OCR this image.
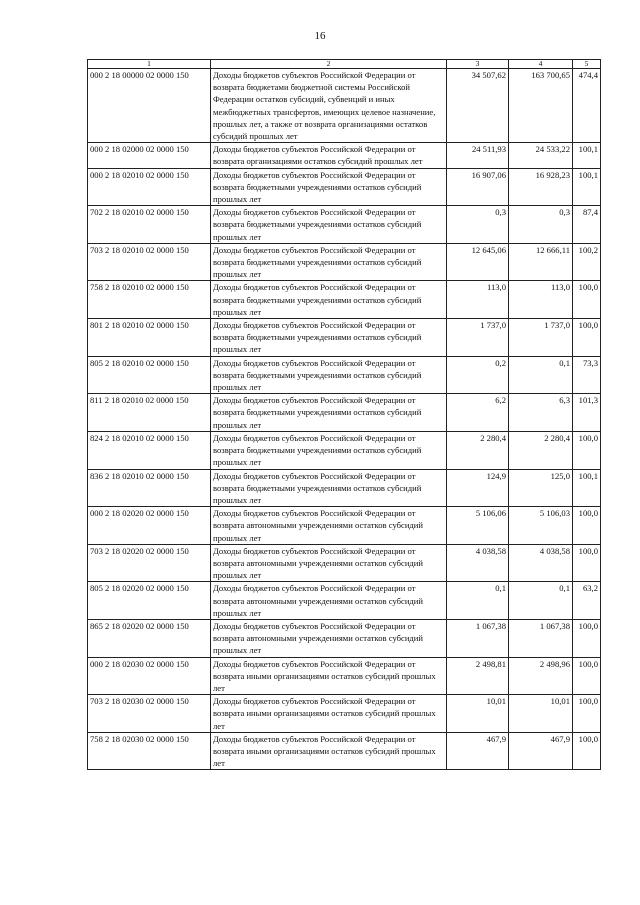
16
1	2	3	4	5
000 2 18 00000 02 0000 150	Доходы бюджетов субъектов Российской Федерации от возврата бюджетами бюджетной системы Российской Федерации остатков субсидий, субвенций и иных межбюджетных трансфертов, имеющих целевое назначение, прошлых лет, а также от возврата организациями остатков субсидий прошлых лет	34 507,62	163 700,65	474,4
000 2 18 02000 02 0000 150	Доходы бюджетов субъектов Российской Федерации от возврата организациями остатков субсидий прошлых лет	24 511,93	24 533,22	100,1
000 2 18 02010 02 0000 150	Доходы бюджетов субъектов Российской Федерации от возврата бюджетными учреждениями остатков субсидий прошлых лет	16 907,06	16 928,23	100,1
702 2 18 02010 02 0000 150	Доходы бюджетов субъектов Российской Федерации от возврата бюджетными учреждениями остатков субсидий прошлых лет	0,3	0,3	87,4
703 2 18 02010 02 0000 150	Доходы бюджетов субъектов Российской Федерации от возврата бюджетными учреждениями остатков субсидий прошлых лет	12 645,06	12 666,11	100,2
758 2 18 02010 02 0000 150	Доходы бюджетов субъектов Российской Федерации от возврата бюджетными учреждениями остатков субсидий прошлых лет	113,0	113,0	100,0
801 2 18 02010 02 0000 150	Доходы бюджетов субъектов Российской Федерации от возврата бюджетными учреждениями остатков субсидий прошлых лет	1 737,0	1 737,0	100,0
805 2 18 02010 02 0000 150	Доходы бюджетов субъектов Российской Федерации от возврата бюджетными учреждениями остатков субсидий прошлых лет	0,2	0,1	73,3
811 2 18 02010 02 0000 150	Доходы бюджетов субъектов Российской Федерации от возврата бюджетными учреждениями остатков субсидий прошлых лет	6,2	6,3	101,3
824 2 18 02010 02 0000 150	Доходы бюджетов субъектов Российской Федерации от возврата бюджетными учреждениями остатков субсидий прошлых лет	2 280,4	2 280,4	100,0
836 2 18 02010 02 0000 150	Доходы бюджетов субъектов Российской Федерации от возврата бюджетными учреждениями остатков субсидий прошлых лет	124,9	125,0	100,1
000 2 18 02020 02 0000 150	Доходы бюджетов субъектов Российской Федерации от возврата автономными учреждениями остатков субсидий прошлых лет	5 106,06	5 106,03	100,0
703 2 18 02020 02 0000 150	Доходы бюджетов субъектов Российской Федерации от возврата автономными учреждениями остатков субсидий прошлых лет	4 038,58	4 038,58	100,0
805 2 18 02020 02 0000 150	Доходы бюджетов субъектов Российской Федерации от возврата автономными учреждениями остатков субсидий прошлых лет	0,1	0,1	63,2
865 2 18 02020 02 0000 150	Доходы бюджетов субъектов Российской Федерации от возврата автономными учреждениями остатков субсидий прошлых лет	1 067,38	1 067,38	100,0
000 2 18 02030 02 0000 150	Доходы бюджетов субъектов Российской Федерации от возврата иными организациями остатков субсидий прошлых лет	2 498,81	2 498,96	100,0
703 2 18 02030 02 0000 150	Доходы бюджетов субъектов Российской Федерации от возврата иными организациями остатков субсидий прошлых лет	10,01	10,01	100,0
758 2 18 02030 02 0000 150	Доходы бюджетов субъектов Российской Федерации от возврата иными организациями остатков субсидий прошлых лет	467,9	467,9	100,0
